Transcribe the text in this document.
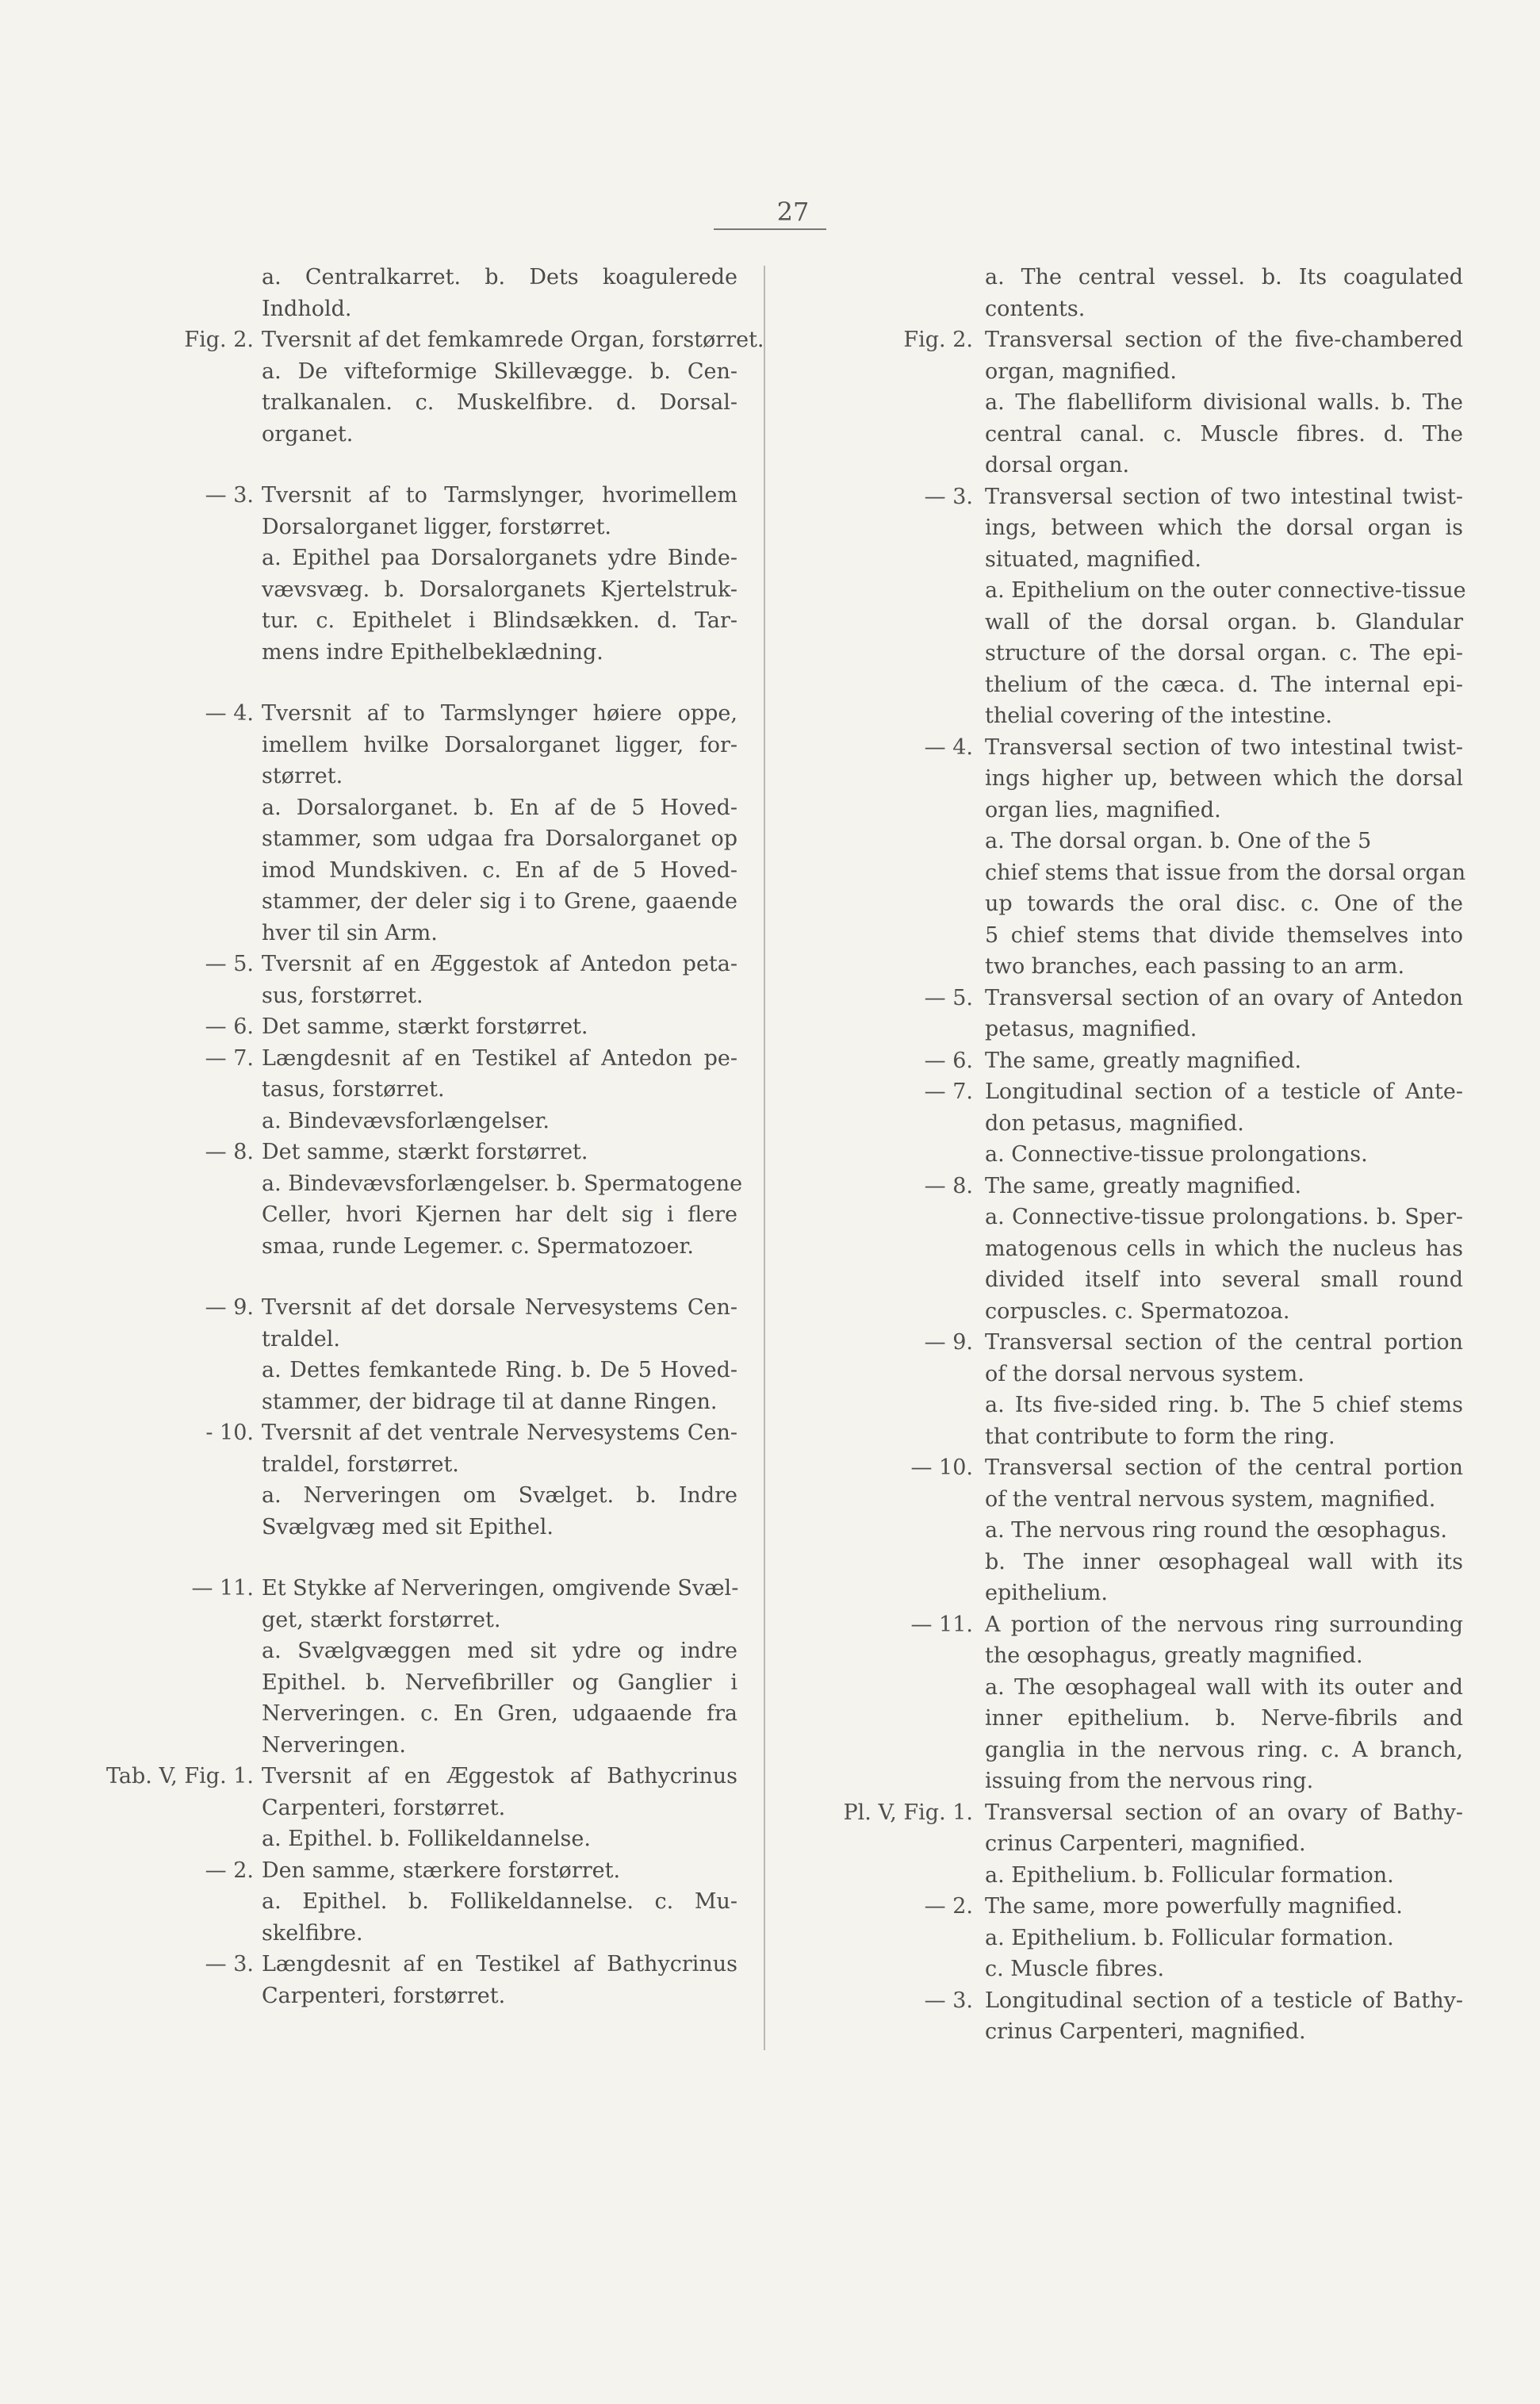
27
a. Centralkarret. b. Dets koagulerede
Indhold.
Fig. 2. Tversnit af det femkamrede Organ, forstørret.
a. De vifteformige Skillevægge. b. Cen-
tralkanalen. c. Muskelfibre. d. Dorsal-
organet.
— 3. Tversnit af to Tarmslynger, hvorimellem
Dorsalorganet ligger, forstørret.
a. Epithel paa Dorsalorganets ydre Binde-
vævsvæg. b. Dorsalorganets Kjertelstruk-
tur. c. Epithelet i Blindsækken. d. Tar-
mens indre Epithelbeklædning.
— 4. Tversnit af to Tarmslynger høiere oppe,
imellem hvilke Dorsalorganet ligger, for-
størret.
a. Dorsalorganet. b. En af de 5 Hoved-
stammer, som udgaa fra Dorsalorganet op
imod Mundskiven. c. En af de 5 Hoved-
stammer, der deler sig i to Grene, gaaende
hver til sin Arm.
— 5. Tversnit af en Æggestok af Antedon peta-
sus, forstørret.
— 6. Det samme, stærkt forstørret.
— 7. Længdesnit af en Testikel af Antedon pe-
tasus, forstørret.
a. Bindevævsforlængelser.
— 8. Det samme, stærkt forstørret.
a. Bindevævsforlængelser. b. Spermatogene
Celler, hvori Kjernen har delt sig i flere
smaa, runde Legemer. c. Spermatozoer.
— 9. Tversnit af det dorsale Nervesystems Cen-
traldel.
a. Dettes femkantede Ring. b. De 5 Hoved-
stammer, der bidrage til at danne Ringen.
- 10. Tversnit af det ventrale Nervesystems Cen-
traldel, forstørret.
a. Nerveringen om Svælget. b. Indre
Svælgvæg med sit Epithel.
— 11. Et Stykke af Nerveringen, omgivende Svæl-
get, stærkt forstørret.
a. Svælgvæggen med sit ydre og indre
Epithel. b. Nervefibriller og Ganglier i
Nerveringen. c. En Gren, udgaaende fra
Nerveringen.
Tab. V, Fig. 1. Tversnit af en Æggestok af Bathycrinus
Carpenteri, forstørret.
a. Epithel. b. Follikeldannelse.
— 2. Den samme, stærkere forstørret.
a. Epithel. b. Follikeldannelse. c. Mu-
skelfibre.
— 3. Længdesnit af en Testikel af Bathycrinus
Carpenteri, forstørret.
a. The central vessel. b. Its coagulated
contents.
Fig. 2. Transversal section of the five-chambered
organ, magnified.
a. The flabelliform divisional walls. b. The
central canal. c. Muscle fibres. d. The
dorsal organ.
— 3. Transversal section of two intestinal twist-
ings, between which the dorsal organ is
situated, magnified.
a. Epithelium on the outer connective-tissue
wall of the dorsal organ. b. Glandular
structure of the dorsal organ. c. The epi-
thelium of the cæca. d. The internal epi-
thelial covering of the intestine.
— 4. Transversal section of two intestinal twist-
ings higher up, between which the dorsal
organ lies, magnified.
a. The dorsal organ. b. One of the 5
chief stems that issue from the dorsal organ
up towards the oral disc. c. One of the
5 chief stems that divide themselves into
two branches, each passing to an arm.
— 5. Transversal section of an ovary of Antedon
petasus, magnified.
— 6. The same, greatly magnified.
— 7. Longitudinal section of a testicle of Ante-
don petasus, magnified.
a. Connective-tissue prolongations.
— 8. The same, greatly magnified.
a. Connective-tissue prolongations. b. Sper-
matogenous cells in which the nucleus has
divided itself into several small round
corpuscles. c. Spermatozoa.
— 9. Transversal section of the central portion
of the dorsal nervous system.
a. Its five-sided ring. b. The 5 chief stems
that contribute to form the ring.
— 10. Transversal section of the central portion
of the ventral nervous system, magnified.
a. The nervous ring round the œsophagus.
b. The inner œsophageal wall with its
epithelium.
— 11. A portion of the nervous ring surrounding
the œsophagus, greatly magnified.
a. The œsophageal wall with its outer and
inner epithelium. b. Nerve-fibrils and
ganglia in the nervous ring. c. A branch,
issuing from the nervous ring.
Pl. V, Fig. 1. Transversal section of an ovary of Bathy-
crinus Carpenteri, magnified.
a. Epithelium. b. Follicular formation.
— 2. The same, more powerfully magnified.
a. Epithelium. b. Follicular formation.
c. Muscle fibres.
— 3. Longitudinal section of a testicle of Bathy-
crinus Carpenteri, magnified.
